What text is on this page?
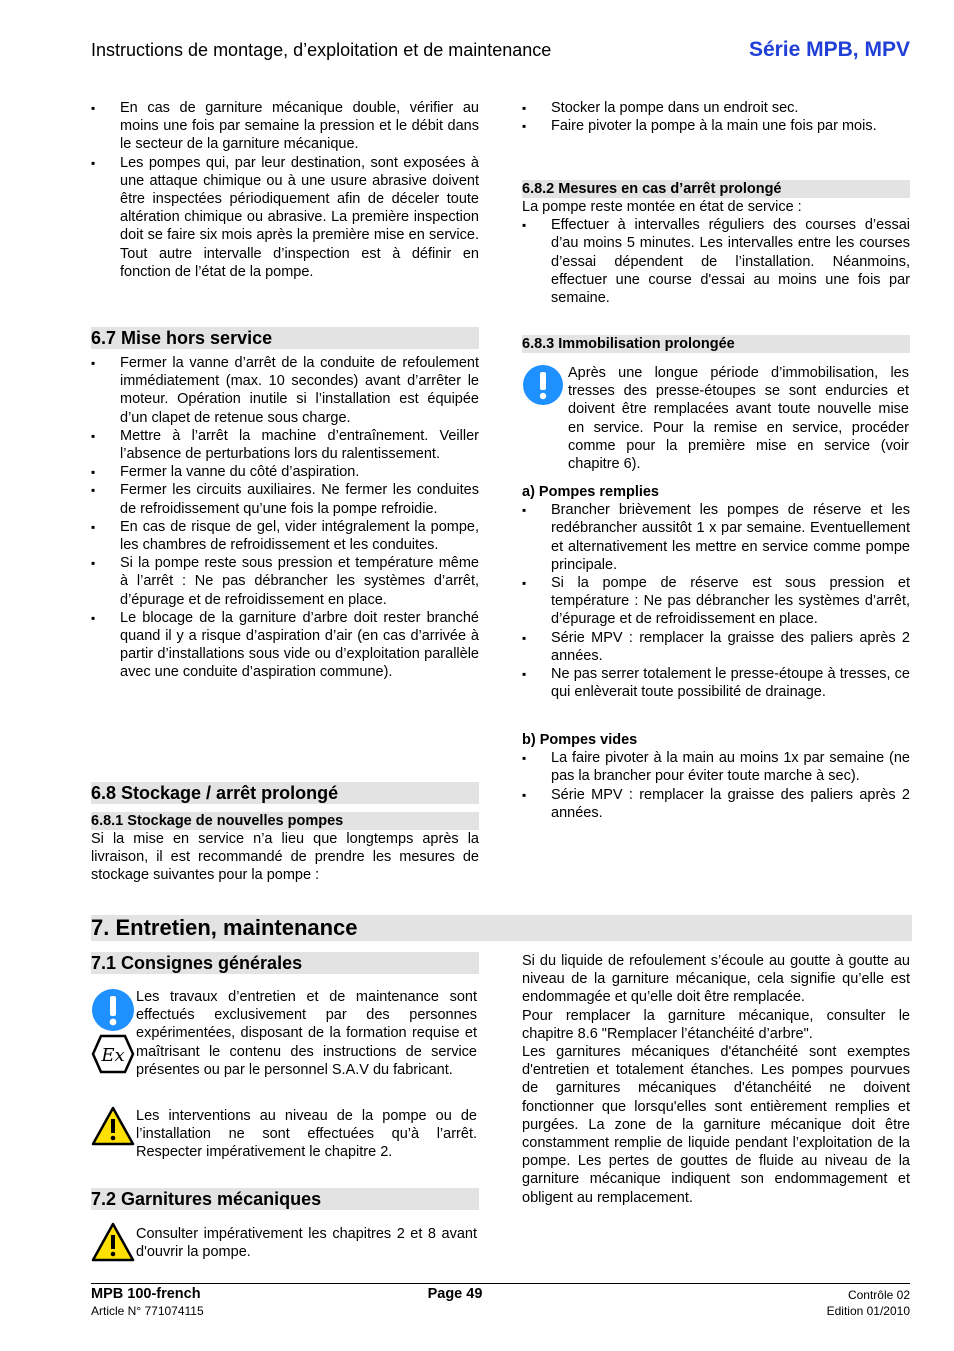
Instructions de montage, d’exploitation et de maintenance	Série MPB, MPV
▪ En cas de garniture mécanique double, vérifier au moins une fois par semaine la pression et le débit dans le secteur de la garniture mécanique.
▪ Les pompes qui, par leur destination, sont exposées à une attaque chimique ou à une usure abrasive doivent être inspectées périodiquement afin de déceler toute altération chimique ou abrasive. La première inspection doit se faire six mois après la première mise en service. Tout autre intervalle d’inspection est à définir en fonction de l’état de la pompe.
6.7 Mise hors service
▪ Fermer la vanne d’arrêt de la conduite de refoulement immédiatement (max. 10 secondes) avant d’arrêter le moteur. Opération inutile si l’installation est équipée d’un clapet de retenue sous charge.
▪ Mettre à l’arrêt la machine d’entraînement. Veiller l’absence de perturbations lors du ralentissement.
▪ Fermer la vanne du côté d’aspiration.
▪ Fermer les circuits auxiliaires. Ne fermer les conduites de refroidissement qu’une fois la pompe refroidie.
▪ En cas de risque de gel, vider intégralement la pompe, les chambres de refroidissement et les conduites.
▪ Si la pompe reste sous pression et température même à l’arrêt : Ne pas débrancher les systèmes d’arrêt, d’épurage et de refroidissement en place.
▪ Le blocage de la garniture d’arbre doit rester branché quand il y a risque d’aspiration d’air (en cas d’arrivée à partir d’installations sous vide ou d’exploitation parallèle avec une conduite d’aspiration commune).
6.8 Stockage / arrêt prolongé
6.8.1 Stockage de nouvelles pompes
Si la mise en service n’a lieu que longtemps après la livraison, il est recommandé de prendre les mesures de stockage suivantes pour la pompe :
▪ Stocker la pompe dans un endroit sec.
▪ Faire pivoter la pompe à la main une fois par mois.
6.8.2 Mesures en cas d’arrêt prolongé
La pompe reste montée en état de service :
▪ Effectuer à intervalles réguliers des courses d’essai d’au moins 5 minutes. Les intervalles entre les courses d’essai dépendent de l’installation. Néanmoins, effectuer une course d'essai au moins une fois par semaine.
6.8.3 Immobilisation prolongée
Après une longue période d’immobilisation, les tresses des presse-étoupes se sont endurcies et doivent être remplacées avant toute nouvelle mise en service. Pour la remise en service, procéder comme pour la première mise en service (voir chapitre 6).
a) Pompes remplies
▪ Brancher brièvement les pompes de réserve et les redébrancher aussitôt 1 x par semaine. Eventuellement et alternativement les mettre en service comme pompe principale.
▪ Si la pompe de réserve est sous pression et température : Ne pas débrancher les systèmes d’arrêt, d’épurage et de refroidissement en place.
▪ Série MPV : remplacer la graisse des paliers après 2 années.
▪ Ne pas serrer totalement le presse-étoupe à tresses, ce qui enlèverait toute possibilité de drainage.
b) Pompes vides
▪ La faire pivoter à la main au moins 1x par semaine (ne pas la brancher pour éviter toute marche à sec).
▪ Série MPV : remplacer la graisse des paliers après 2 années.
7. Entretien, maintenance
7.1 Consignes générales
Ex
Les travaux d’entretien et de maintenance sont effectués exclusivement par des personnes expérimentées, disposant de la formation requise et maîtrisant le contenu des instructions de service présentes ou par le personnel S.A.V du fabricant.
Les interventions au niveau de la pompe ou de l’installation ne sont effectuées qu’à l’arrêt. Respecter impérativement le chapitre 2.
7.2 Garnitures mécaniques
Consulter impérativement les chapitres 2 et 8 avant d'ouvrir la pompe.
Si du liquide de refoulement s’écoule au goutte à goutte au niveau de la garniture mécanique, cela signifie qu’elle est endommagée et qu’elle doit être remplacée.
Pour remplacer la garniture mécanique, consulter le chapitre 8.6 "Remplacer l’étanchéité d’arbre".
Les garnitures mécaniques d'étanchéité sont exemptes d'entretien et totalement étanches. Les pompes pourvues de garnitures mécaniques d'étanchéité ne doivent fonctionner que lorsqu'elles sont entièrement remplies et purgées. La zone de la garniture mécanique doit être constamment remplie de liquide pendant l’exploitation de la pompe. Les pertes de gouttes de fluide au niveau de la garniture mécanique indiquent son endommagement et obligent au remplacement.
MPB 100-french
Article N° 771074115
Page 49	Contrôle 02
Edition 01/2010
